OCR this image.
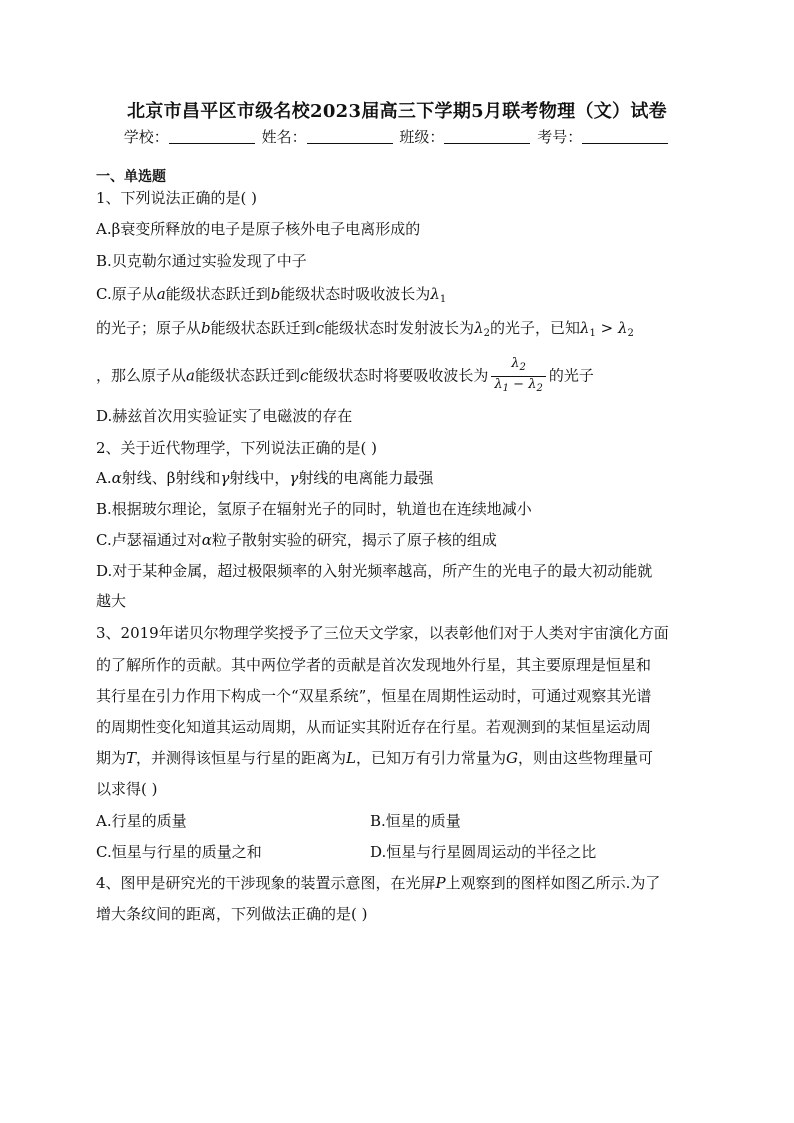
北京市昌平区市级名校2023届高三下学期5月联考物理（文）试卷
学校：	姓名：	班级：	考号：
一、单选题
1、下列说法正确的是( )
A.β衰变所释放的电子是原子核外电子电离形成的
B.贝克勒尔通过实验发现了中子
C.原子从a能级状态跃迁到b能级状态时吸收波长为$\lambda_1$
的光子；原子从b能级状态跃迁到c能级状态时发射波长为$\lambda_2$的光子，已知$\lambda_1 > \lambda_2$
，那么原子从a能级状态跃迁到c能级状态时将要吸收波长为 $\frac{\lambda_2}{\lambda_1 - \lambda_2}$ 的光子
D.赫兹首次用实验证实了电磁波的存在
2、关于近代物理学，下列说法正确的是( )
A.α射线、β射线和γ射线中，γ射线的电离能力最强
B.根据玻尔理论，氢原子在辐射光子的同时，轨道也在连续地减小
C.卢瑟福通过对α粒子散射实验的研究，揭示了原子核的组成
D.对于某种金属，超过极限频率的入射光频率越高，所产生的光电子的最大初动能就
越大
3、2019年诺贝尔物理学奖授予了三位天文学家，以表彰他们对于人类对宇宙演化方面
的了解所作的贡献。其中两位学者的贡献是首次发现地外行星，其主要原理是恒星和
其行星在引力作用下构成一个“双星系统”，恒星在周期性运动时，可通过观察其光谱
的周期性变化知道其运动周期，从而证实其附近存在行星。若观测到的某恒星运动周
期为T，并测得该恒星与行星的距离为L，已知万有引力常量为G，则由这些物理量可
以求得( )
A.行星的质量	B.恒星的质量
C.恒星与行星的质量之和	D.恒星与行星圆周运动的半径之比
4、图甲是研究光的干涉现象的装置示意图，在光屏P上观察到的图样如图乙所示.为了
增大条纹间的距离，下列做法正确的是( )
